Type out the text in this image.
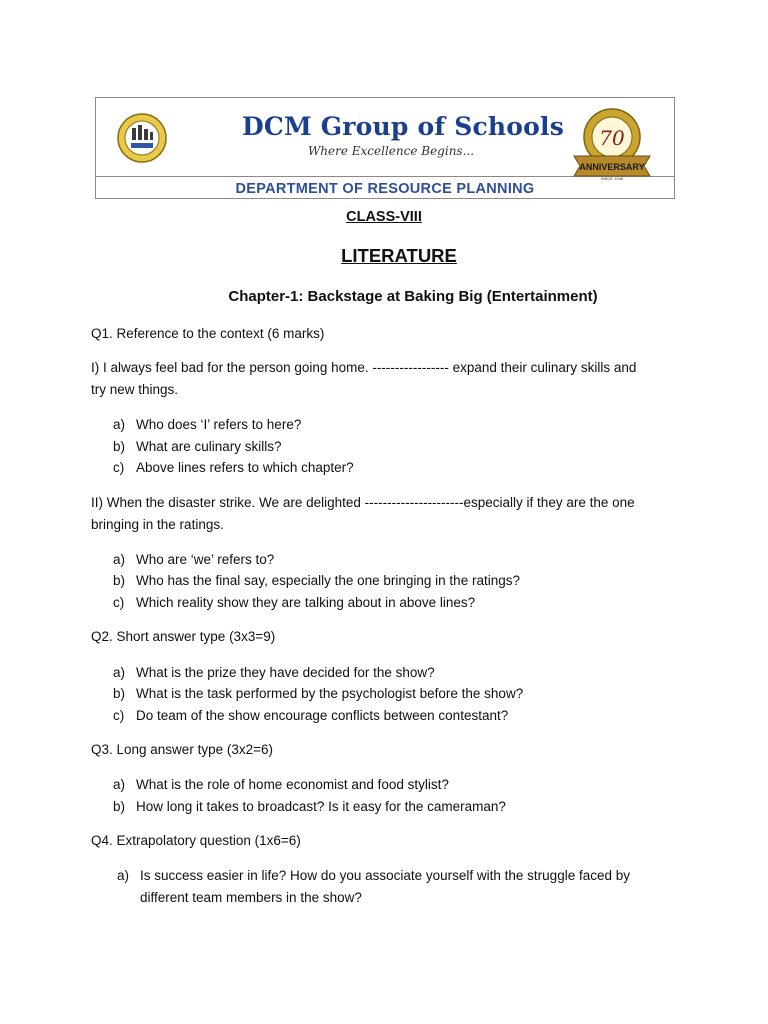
DCM Group of Schools
Where Excellence Begins...
70
ANNIVERSARY
SINCE 1946
DEPARTMENT OF RESOURCE PLANNING
CLASS-VIII
LITERATURE
Chapter-1: Backstage at Baking Big (Entertainment)
Q1. Reference to the context (6 marks)
I) I always feel bad for the person going home. ----------------- expand their culinary skills and
try new things.
a) Who does ‘I’ refers to here?
b) What are culinary skills?
c) Above lines refers to which chapter?
II) When the disaster strike. We are delighted ----------------------especially if they are the one
bringing in the ratings.
a) Who are ‘we’ refers to?
b) Who has the final say, especially the one bringing in the ratings?
c) Which reality show they are talking about in above lines?
Q2. Short answer type (3x3=9)
a) What is the prize they have decided for the show?
b) What is the task performed by the psychologist before the show?
c) Do team of the show encourage conflicts between contestant?
Q3. Long answer type (3x2=6)
a) What is the role of home economist and food stylist?
b) How long it takes to broadcast? Is it easy for the cameraman?
Q4. Extrapolatory question (1x6=6)
a) Is success easier in life? How do you associate yourself with the struggle faced by
different team members in the show?
